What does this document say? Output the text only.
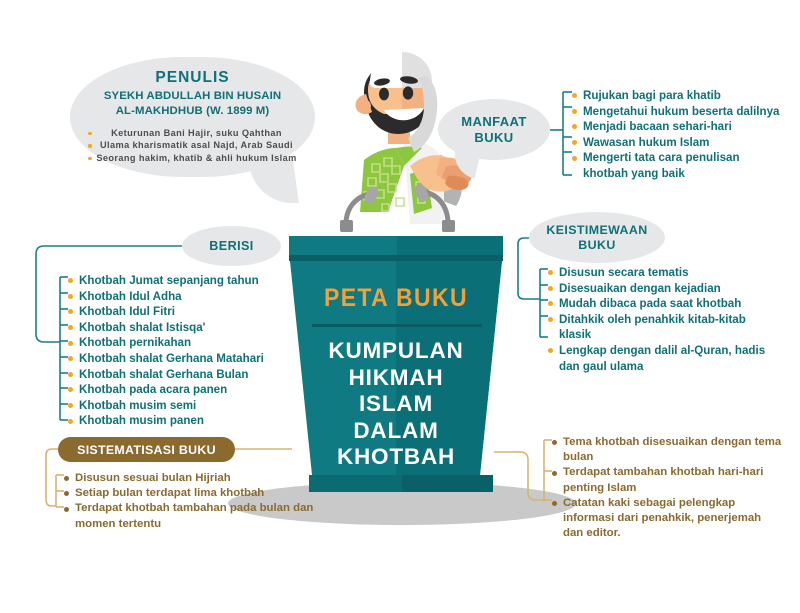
PETA BUKU
KUMPULAN
HIKMAH
ISLAM
DALAM
KHOTBAH
PENULIS
SYEKH ABDULLAH BIN HUSAIN
AL-MAKHDHUB (W. 1899 M)
Keturunan Bani Hajir, suku Qahthan
Ulama kharismatik asal Najd, Arab Saudi
Seorang hakim, khatib & ahli hukum Islam
MANFAAT
BUKU
BERISI
KEISTIMEWAAN
BUKU
Rujukan bagi para khatib
Mengetahui hukum beserta dalilnya
Menjadi bacaan sehari-hari
Wawasan hukum Islam
Mengerti tata cara penulisan khotbah yang baik
Disusun secara tematis
Disesuaikan dengan kejadian
Mudah dibaca pada saat khotbah
Ditahkik oleh penahkik kitab-kitab klasik
Lengkap dengan dalil al-Quran, hadis dan gaul ulama
Khotbah Jumat sepanjang tahun
Khotbah Idul Adha
Khotbah Idul Fitri
Khotbah shalat Istisqa'
Khotbah pernikahan
Khotbah shalat Gerhana Matahari
Khotbah shalat Gerhana Bulan
Khotbah pada acara panen
Khotbah musim semi
Khotbah musim panen
SISTEMATISASI BUKU
Disusun sesuai bulan Hijriah
Setiap bulan terdapat lima khotbah
Terdapat khotbah tambahan pada bulan dan momen tertentu
Tema khotbah disesuaikan dengan tema bulan
Terdapat tambahan khotbah hari-hari penting Islam
Catatan kaki sebagai pelengkap informasi dari penahkik, penerjemah dan editor.
